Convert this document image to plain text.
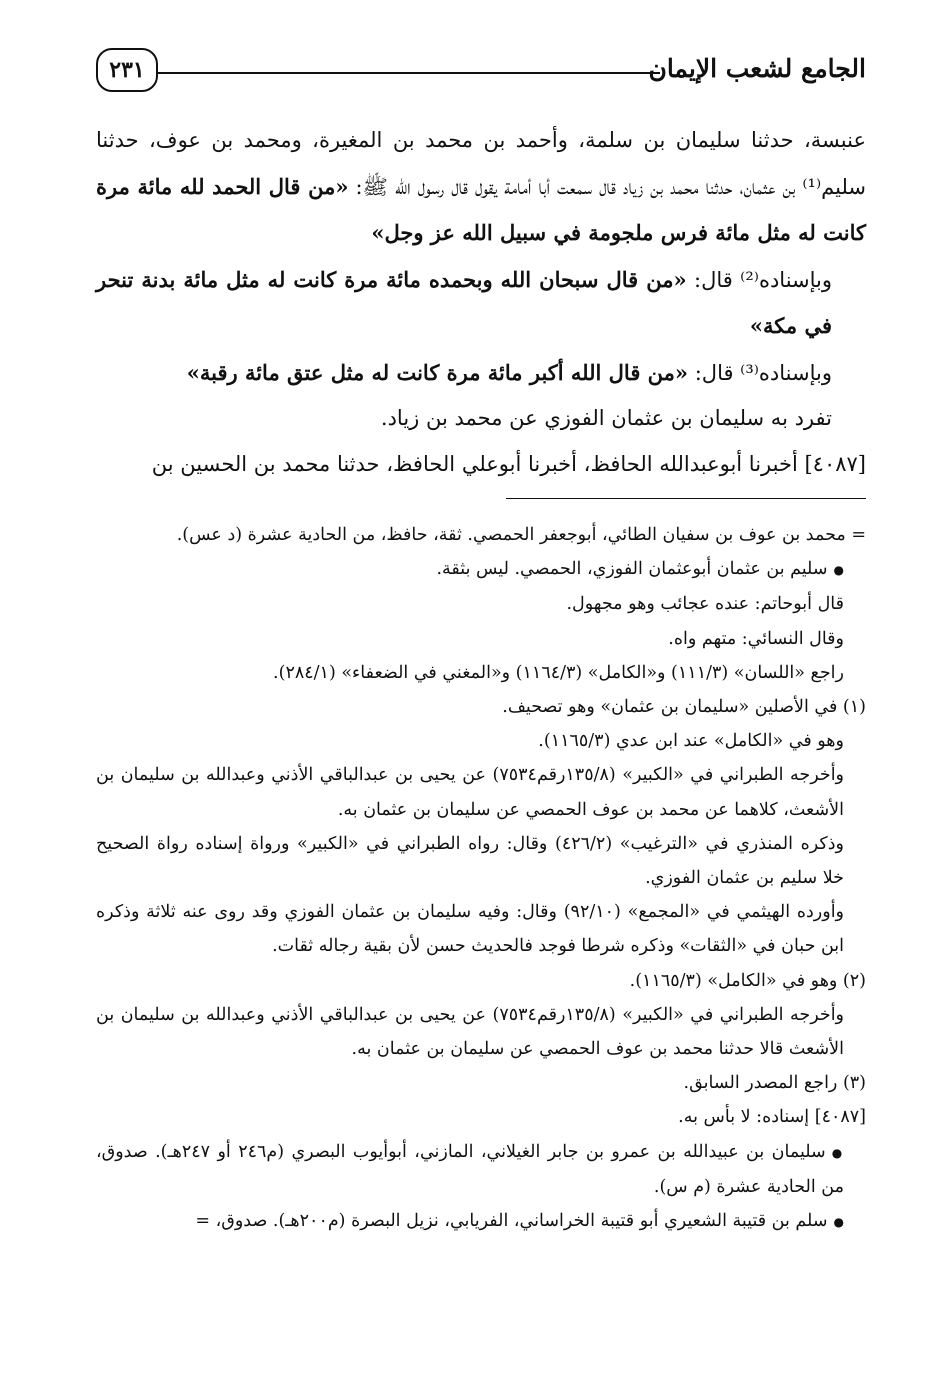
الجامع لشعب الإيمان
٢٣١

عنبسة، حدثنا سليمان بن سلمة، وأحمد بن محمد بن المغيرة، ومحمد بن عوف، حدثنا سليم⁽¹⁾ بن عثمان، حدثنا محمد بن زياد قال سمعت أبا أمامة يقول قال رسول الله ﷺ: «من قال الحمد لله مائة مرة كانت له مثل مائة فرس ملجومة في سبيل الله عز وجل»

وبإسناده⁽²⁾ قال: «من قال سبحان الله وبحمده مائة مرة كانت له مثل مائة بدنة تنحر في مكة»

وبإسناده⁽³⁾ قال: «من قال الله أكبر مائة مرة كانت له مثل عتق مائة رقبة»

تفرد به سليمان بن عثمان الفوزي عن محمد بن زياد.

[٤٠٨٧] أخبرنا أبوعبدالله الحافظ، أخبرنا أبوعلي الحافظ، حدثنا محمد بن الحسين بن

= محمد بن عوف بن سفيان الطائي، أبوجعفر الحمصي. ثقة، حافظ، من الحادية عشرة (د عس).

● سليم بن عثمان أبوعثمان الفوزي، الحمصي. ليس بثقة.

قال أبوحاتم: عنده عجائب وهو مجهول.

وقال النسائي: متهم واه.

راجع «اللسان» (١١١/٣) و«الكامل» (١١٦٤/٣) و«المغني في الضعفاء» (٢٨٤/١).

(١) في الأصلين «سليمان بن عثمان» وهو تصحيف.

وهو في «الكامل» عند ابن عدي (١١٦٥/٣).

وأخرجه الطبراني في «الكبير» (١٣٥/٨رقم٧٥٣٤) عن يحيى بن عبدالباقي الأذني وعبدالله بن سليمان بن الأشعث، كلاهما عن محمد بن عوف الحمصي عن سليمان بن عثمان به.

وذكره المنذري في «الترغيب» (٤٢٦/٢) وقال: رواه الطبراني في «الكبير» ورواة إسناده رواة الصحيح خلا سليم بن عثمان الفوزي.

وأورده الهيثمي في «المجمع» (٩٢/١٠) وقال: وفيه سليمان بن عثمان الفوزي وقد روى عنه ثلاثة وذكره ابن حبان في «الثقات» وذكره شرطا فوجد فالحديث حسن لأن بقية رجاله ثقات.

(٢) وهو في «الكامل» (١١٦٥/٣).

وأخرجه الطبراني في «الكبير» (١٣٥/٨رقم٧٥٣٤) عن يحيى بن عبدالباقي الأذني وعبدالله بن سليمان بن الأشعث قالا حدثنا محمد بن عوف الحمصي عن سليمان بن عثمان به.

(٣) راجع المصدر السابق.

[٤٠٨٧] إسناده: لا بأس به.

● سليمان بن عبيدالله بن عمرو بن جابر الغيلاني، المازني، أبوأيوب البصري (م٢٤٦ أو ٢٤٧هـ). صدوق، من الحادية عشرة (م س).

● سلم بن قتيبة الشعيري أبو قتيبة الخراساني، الفريابي، نزيل البصرة (م٢٠٠هـ). صدوق، =
